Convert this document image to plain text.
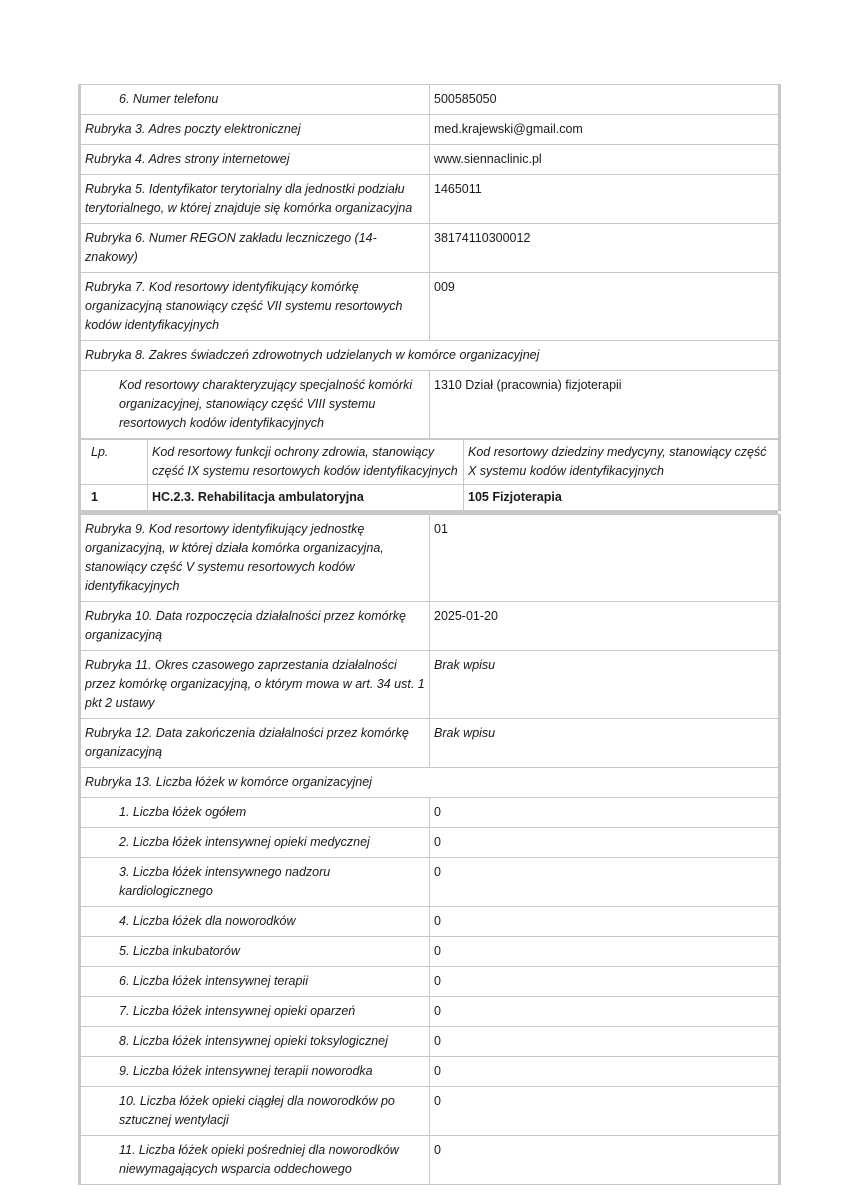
6. Numer telefonu	500585050
Rubryka 3. Adres poczty elektronicznej	med.krajewski@gmail.com
Rubryka 4. Adres strony internetowej	www.siennaclinic.pl
Rubryka 5. Identyfikator terytorialny dla jednostki podziału terytorialnego, w której znajduje się komórka organizacyjna	1465011
Rubryka 6. Numer REGON zakładu leczniczego (14-znakowy)	38174110300012
Rubryka 7. Kod resortowy identyfikujący komórkę organizacyjną stanowiący część VII systemu resortowych kodów identyfikacyjnych	009
Rubryka 8. Zakres świadczeń zdrowotnych udzielanych w komórce organizacyjnej	
Kod resortowy charakteryzujący specjalność komórki organizacyjnej, stanowiący część VIII systemu resortowych kodów identyfikacyjnych	1310 Dział (pracownia) fizjoterapii
Lp.	Kod resortowy funkcji ochrony zdrowia, stanowiący część IX systemu resortowych kodów identyfikacyjnych	Kod resortowy dziedziny medycyny, stanowiący część X systemu kodów identyfikacyjnych
1	HC.2.3. Rehabilitacja ambulatoryjna	105 Fizjoterapia
Rubryka 9. Kod resortowy identyfikujący jednostkę organizacyjną, w której działa komórka organizacyjna, stanowiący część V systemu resortowych kodów identyfikacyjnych	01
Rubryka 10. Data rozpoczęcia działalności przez komórkę organizacyjną	2025-01-20
Rubryka 11. Okres czasowego zaprzestania działalności przez komórkę organizacyjną, o którym mowa w art. 34 ust. 1 pkt 2 ustawy	Brak wpisu
Rubryka 12. Data zakończenia działalności przez komórkę organizacyjną	Brak wpisu
Rubryka 13. Liczba łóżek w komórce organizacyjnej	
1. Liczba łóżek ogółem	0
2. Liczba łóżek intensywnej opieki medycznej	0
3. Liczba łóżek intensywnego nadzoru kardiologicznego	0
4. Liczba łóżek dla noworodków	0
5. Liczba inkubatorów	0
6. Liczba łóżek intensywnej terapii	0
7. Liczba łóżek intensywnej opieki oparzeń	0
8. Liczba łóżek intensywnej opieki toksylogicznej	0
9. Liczba łóżek intensywnej terapii noworodka	0
10. Liczba łóżek opieki ciągłej dla noworodków po sztucznej wentylacji	0
11. Liczba łóżek opieki pośredniej dla noworodków niewymagających wsparcia oddechowego	0
